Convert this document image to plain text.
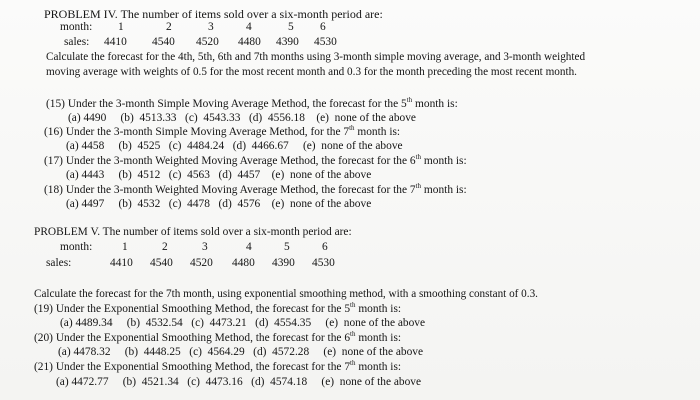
PROBLEM IV. The number of items sold over a six-month period are:
month: 1	2	3	4	5 6
sales: 4410 4540 4520 4480 4390 4530
Calculate the forecast for the 4th, 5th, 6th and 7th months using 3-month simple moving average, and 3-month weighted
moving average with weights of 0.5 for the most recent month and 0.3 for the month preceding the most recent month.
(15) Under the 3-month Simple Moving Average Method, the forecast for the 5th month is:
(a) 4490     (b)  4513.33   (c)  4543.33   (d)  4556.18    (e)  none of the above
(16) Under the 3-month Simple Moving Average Method, for the 7th month is:
(a) 4458     (b)  4525   (c)  4484.24   (d)  4466.67     (e)  none of the above
(17) Under the 3-month Weighted Moving Average Method, the forecast for the 6th month is:
(a) 4443     (b)  4512   (c)  4563   (d)  4457    (e)  none of the above
(18) Under the 3-month Weighted Moving Average Method, the forecast for the 7th month is:
(a) 4497     (b)  4532   (c)  4478   (d)  4576    (e)  none of the above
PROBLEM V. The number of items sold over a six-month period are:
month:	1	2	3	4	5	6
sales:	4410 4540 4520 4480 4390 4530
Calculate the forecast for the 7th month, using exponential smoothing method, with a smoothing constant of 0.3.
(19) Under the Exponential Smoothing Method, the forecast for the 5th month is:
(a) 4489.34     (b)  4532.54   (c)  4473.21   (d)  4554.35     (e)  none of the above
(20) Under the Exponential Smoothing Method, the forecast for the 6th month is:
(a) 4478.32     (b)  4448.25   (c)  4564.29   (d)  4572.28     (e)  none of the above
(21) Under the Exponential Smoothing Method, the forecast for the 7th month is:
(a) 4472.77     (b)  4521.34   (c)  4473.16   (d)  4574.18     (e)  none of the above
